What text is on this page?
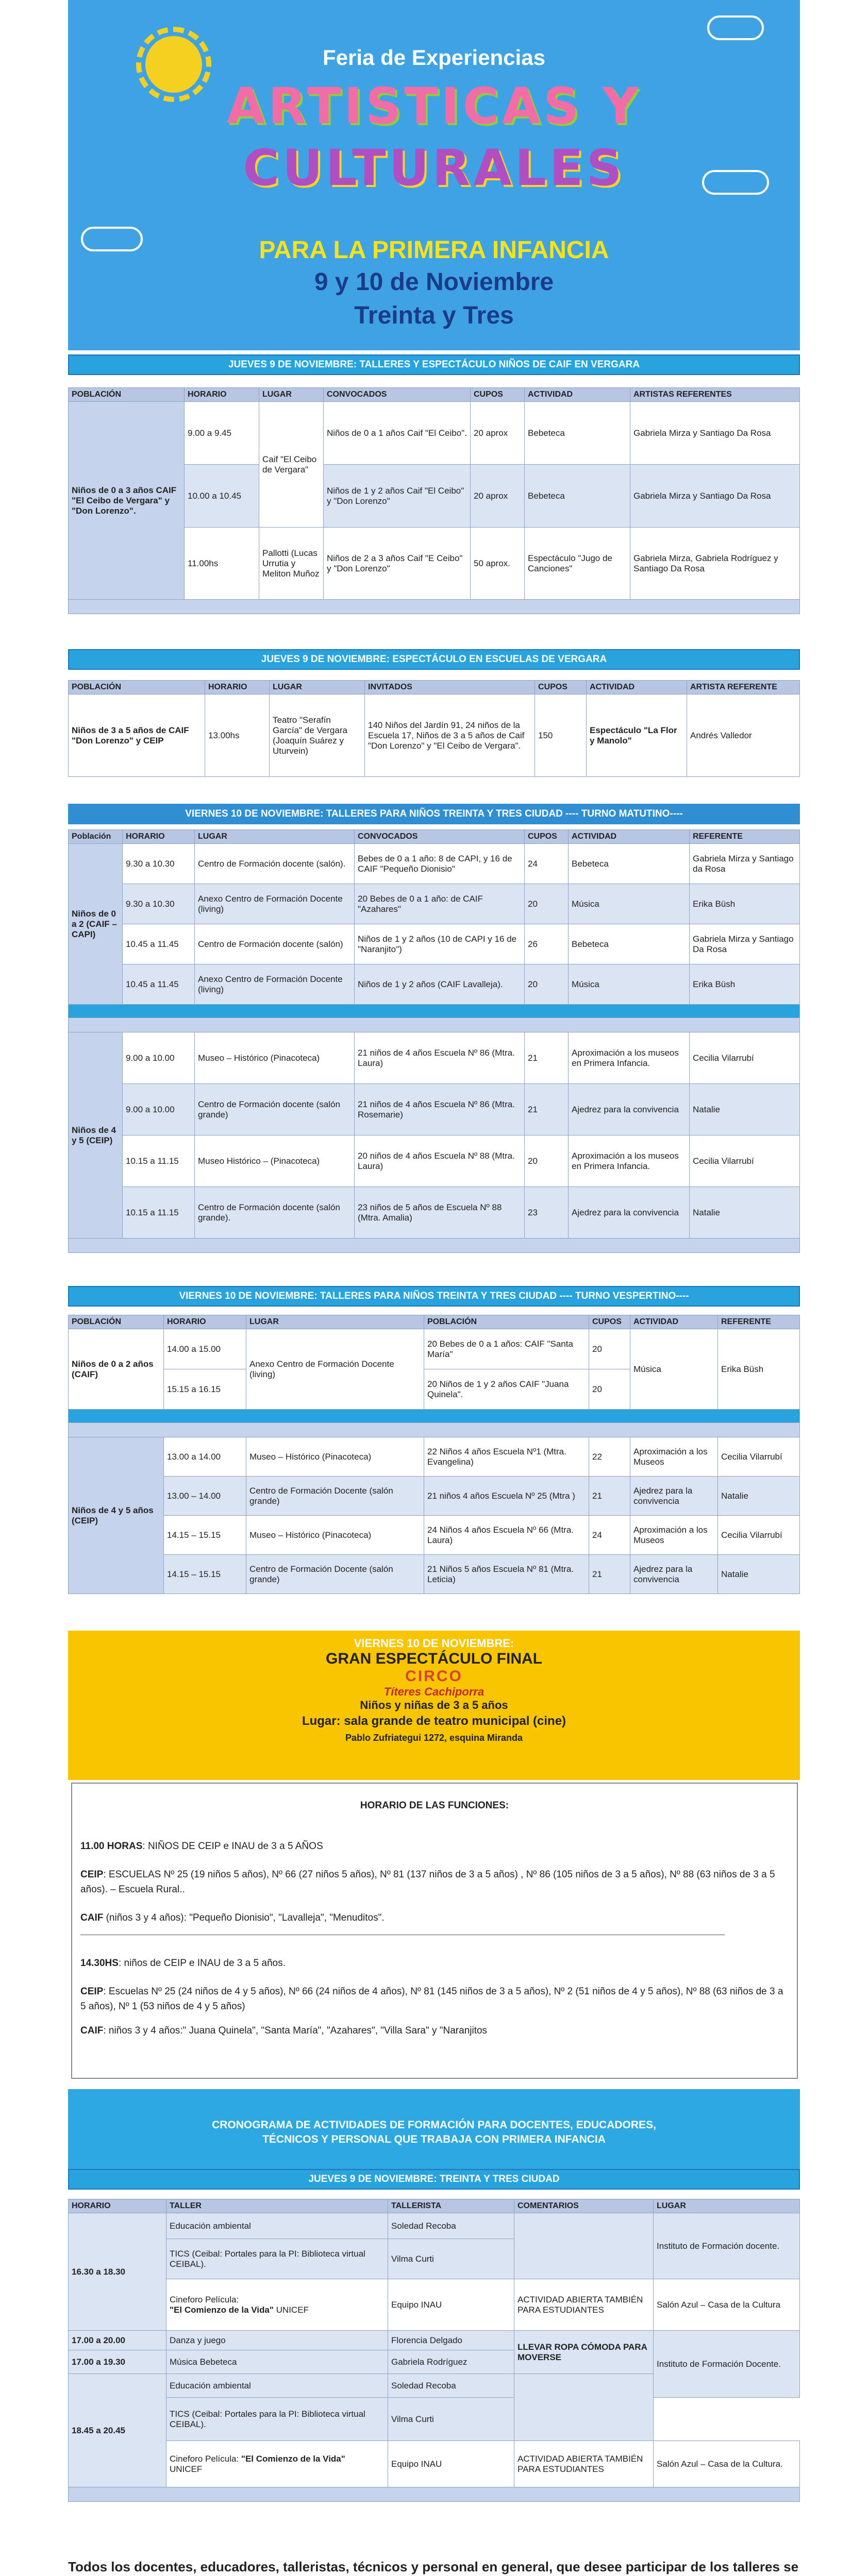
Feria de Experiencias
ARTISTICAS Y
CULTURALES
PARA LA PRIMERA INFANCIA
9 y 10 de Noviembre
Treinta y Tres
JUEVES 9 DE NOVIEMBRE: TALLERES Y ESPECTÁCULO NIÑOS DE CAIF EN VERGARA
POBLACIÓN	HORARIO	LUGAR	CONVOCADOS	CUPOS	ACTIVIDAD	ARTISTAS REFERENTES
Niños de 0 a 3 años CAIF "El Ceibo de Vergara" y "Don Lorenzo".	9.00 a 9.45	Caif "El Ceibo de Vergara"	Niños de 0 a 1 años Caif "El Ceibo".	20 aprox	Bebeteca	Gabriela Mirza y Santiago Da Rosa
	10.00 a 10.45		Niños de 1 y 2 años Caif "El Ceibo" y "Don Lorenzo"	20 aprox	Bebeteca	Gabriela Mirza y Santiago Da Rosa
	11.00hs	Pallotti (Lucas Urrutia y Meliton Muñoz	Niños de 2 a 3 años Caif "E Ceibo" y "Don Lorenzo"	50 aprox.	Espectáculo "Jugo de Canciones"	Gabriela Mirza, Gabriela Rodríguez y Santiago Da Rosa

JUEVES 9 DE NOVIEMBRE: ESPECTÁCULO EN ESCUELAS DE VERGARA
POBLACIÓN	HORARIO	LUGAR	INVITADOS	CUPOS	ACTIVIDAD	ARTISTA REFERENTE
Niños de 3 a 5 años de CAIF "Don Lorenzo" y CEIP	13.00hs	Teatro "Serafín García" de Vergara (Joaquín Suárez y Uturvein)	140 Niños del Jardín 91, 24 niños de la Escuela 17, Niños de 3 a 5 años de Caif "Don Lorenzo" y "El Ceibo de Vergara".	150	Espectáculo "La Flor y Manolo"	Andrés Valledor
VIERNES 10 DE NOVIEMBRE: TALLERES PARA NIÑOS TREINTA Y TRES CIUDAD ---- TURNO MATUTINO----
Población	HORARIO	LUGAR	CONVOCADOS	CUPOS	ACTIVIDAD	REFERENTE
Niños de 0 a 2 (CAIF – CAPI)	9.30 a 10.30	Centro de Formación docente (salón).	Bebes de 0 a 1 año: 8 de CAPI, y 16 de CAIF "Pequeño Dionisio"	24	Bebeteca	Gabriela Mirza y Santiago da Rosa
	9.30 a 10.30	Anexo Centro de Formación Docente (living)	20 Bebes de 0 a 1 año: de CAIF "Azahares"	20	Música	Erika Büsh
	10.45 a 11.45	Centro de Formación docente (salón)	Niños de 1 y 2 años (10 de CAPI y 16 de "Naranjito")	26	Bebeteca	Gabriela Mirza y Santiago Da Rosa
	10.45 a 11.45	Anexo Centro de Formación Docente (living)	Niños de 1 y 2 años (CAIF Lavalleja).	20	Música	Erika Büsh

Niños de 4 y 5 (CEIP)	9.00 a 10.00	Museo – Histórico (Pinacoteca)	21 niños de 4 años Escuela Nº 86 (Mtra. Laura)	21	Aproximación a los museos en Primera Infancia.	Cecilia Vilarrubí
	9.00 a 10.00	Centro de Formación docente (salón grande)	21 niños de 4 años Escuela Nº 86 (Mtra. Rosemarie)	21	Ajedrez para la convivencia	Natalie
	10.15 a 11.15	Museo Histórico – (Pinacoteca)	20 niños de 4 años Escuela Nº 88 (Mtra. Laura)	20	Aproximación a los museos en Primera Infancia.	Cecilia Vilarrubí
	10.15 a 11.15	Centro de Formación docente (salón grande).	23 niños de 5 años de Escuela Nº 88 (Mtra. Amalia)	23	Ajedrez para la convivencia	Natalie

VIERNES 10 DE NOVIEMBRE: TALLERES PARA NIÑOS TREINTA Y TRES CIUDAD ---- TURNO VESPERTINO----
POBLACIÓN	HORARIO	LUGAR	POBLACIÓN	CUPOS	ACTIVIDAD	REFERENTE
Niños de 0 a 2 años (CAIF)	14.00 a 15.00	Anexo Centro de Formación Docente (living)	20 Bebes de 0 a 1 años: CAIF "Santa María"	20	Música	Erika Büsh
	15.15 a 16.15		20 Niños de 1 y 2 años CAIF "Juana Quinela".	20		

Niños de 4 y 5 años (CEIP)	13.00 a 14.00	Museo – Histórico (Pinacoteca)	22 Niños 4 años Escuela Nº1 (Mtra. Evangelina)	22	Aproximación a los Museos	Cecilia Vilarrubí
	13.00 – 14.00	Centro de Formación Docente (salón grande)	21 niños 4 años Escuela Nº 25 (Mtra )	21	Ajedrez para la convivencia	Natalie
	14.15 – 15.15	Museo – Histórico (Pinacoteca)	24 Niños 4 años Escuela Nº 66 (Mtra. Laura)	24	Aproximación a los Museos	Cecilia Vilarrubí
	14.15 – 15.15	Centro de Formación Docente (salón grande)	21 Niños 5 años Escuela Nº 81 (Mtra. Leticia)	21	Ajedrez para la convivencia	Natalie
VIERNES 10 DE NOVIEMBRE:
GRAN ESPECTÁCULO FINAL
CIRCO
Títeres Cachiporra
Niños y niñas de 3 a 5 años
Lugar: sala grande de teatro municipal (cine)
Pablo Zufriategui 1272, esquina Miranda

HORARIO DE LAS FUNCIONES:

11.00 HORAS: NIÑOS DE CEIP e INAU de 3 a 5 AÑOS

CEIP: ESCUELAS Nº 25 (19 niños 5 años), Nº 66 (27 niños 5 años), Nº 81 (137 niños de 3 a 5 años) , Nº 86 (105 niños de 3 a 5 años), Nº 88 (63 niños de 3 a 5 años). – Escuela Rural..

CAIF (niños 3 y 4 años): "Pequeño Dionisio", "Lavalleja", "Menuditos".

14.30HS: niños de CEIP e INAU de 3 a 5 años.

CEIP: Escuelas Nº 25 (24 niños de 4 y 5 años), Nº 66 (24 niños de 4 años), Nº 81 (145 niños de 3 a 5 años), Nº 2 (51 niños de 4 y 5 años), Nº 88 (63 niños de 3 a 5 años), Nº 1 (53 niños de 4 y 5 años)

CAIF: niños 3 y 4 años:" Juana Quinela", "Santa María", "Azahares", "Villa Sara" y "Naranjitos

CRONOGRAMA DE ACTIVIDADES DE FORMACIÓN PARA DOCENTES, EDUCADORES,
TÉCNICOS Y PERSONAL QUE TRABAJA CON PRIMERA INFANCIA
JUEVES 9 DE NOVIEMBRE: TREINTA Y TRES CIUDAD
HORARIO	TALLER	TALLERISTA	COMENTARIOS	LUGAR
16.30 a 18.30	Educación ambiental	Soledad Recoba		Instituto de Formación docente.
	TICS (Ceibal: Portales para la PI: Biblioteca virtual CEIBAL).	Vilma Curti		
	Cineforo Película:
"El Comienzo de la Vida" UNICEF	Equipo INAU	ACTIVIDAD ABIERTA TAMBIÉN PARA ESTUDIANTES	Salón Azul – Casa de la Cultura
17.00 a 20.00	Danza y juego	Florencia Delgado	LLEVAR ROPA CÓMODA PARA MOVERSE	Instituto de Formación Docente.
17.00 a 19.30	Música Bebeteca	Gabriela Rodríguez		
18.45 a 20.45	Educación ambiental	Soledad Recoba		
	TICS (Ceibal: Portales para la PI: Biblioteca virtual CEIBAL).	Vilma Curti		
	Cineforo Película: "El Comienzo de la Vida"
UNICEF	Equipo INAU	ACTIVIDAD ABIERTA TAMBIÉN PARA ESTUDIANTES	Salón Azul – Casa de la Cultura.

Todos los docentes, educadores, talleristas, técnicos y personal en general, que desee participar de los talleres se
